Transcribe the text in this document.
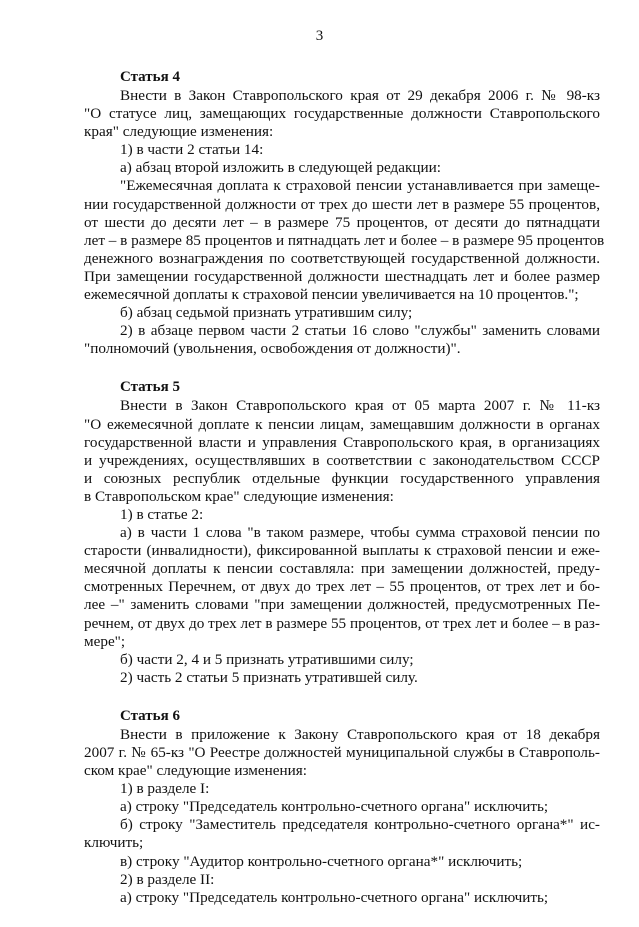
3
Статья 4
Внести в Закон Ставропольского края от 29 декабря 2006 г. № 98-кз
"О статусе лиц, замещающих государственные должности Ставропольского
края" следующие изменения:
1) в части 2 статьи 14:
а) абзац второй изложить в следующей редакции:
"Ежемесячная доплата к страховой пенсии устанавливается при замеще-
нии государственной должности от трех до шести лет в размере 55 процентов,
от шести до десяти лет – в размере 75 процентов, от десяти до пятнадцати
лет – в размере 85 процентов и пятнадцать лет и более – в размере 95 процентов
денежного вознаграждения по соответствующей государственной должности.
При замещении государственной должности шестнадцать лет и более размер
ежемесячной доплаты к страховой пенсии увеличивается на 10 процентов.";
б) абзац седьмой признать утратившим силу;
2) в абзаце первом части 2 статьи 16 слово "службы" заменить словами
"полномочий (увольнения, освобождения от должности)".
Статья 5
Внести в Закон Ставропольского края от 05 марта 2007 г. № 11-кз
"О ежемесячной доплате к пенсии лицам, замещавшим должности в органах
государственной власти и управления Ставропольского края, в организациях
и учреждениях, осуществлявших в соответствии с законодательством СССР
и союзных республик отдельные функции государственного управления
в Ставропольском крае" следующие изменения:
1) в статье 2:
а) в части 1 слова "в таком размере, чтобы сумма страховой пенсии по
старости (инвалидности), фиксированной выплаты к страховой пенсии и еже-
месячной доплаты к пенсии составляла: при замещении должностей, преду-
смотренных Перечнем, от двух до трех лет – 55 процентов, от трех лет и бо-
лее –" заменить словами "при замещении должностей, предусмотренных Пе-
речнем, от двух до трех лет в размере 55 процентов, от трех лет и более – в раз-
мере";
б) части 2, 4 и 5 признать утратившими силу;
2) часть 2 статьи 5 признать утратившей силу.
Статья 6
Внести в приложение к Закону Ставропольского края от 18 декабря
2007 г. № 65-кз "О Реестре должностей муниципальной службы в Ставрополь-
ском крае" следующие изменения:
1) в разделе I:
а) строку "Председатель контрольно-счетного органа" исключить;
б) строку "Заместитель председателя контрольно-счетного органа*" ис-
ключить;
в) строку "Аудитор контрольно-счетного органа*" исключить;
2) в разделе II:
а) строку "Председатель контрольно-счетного органа" исключить;
